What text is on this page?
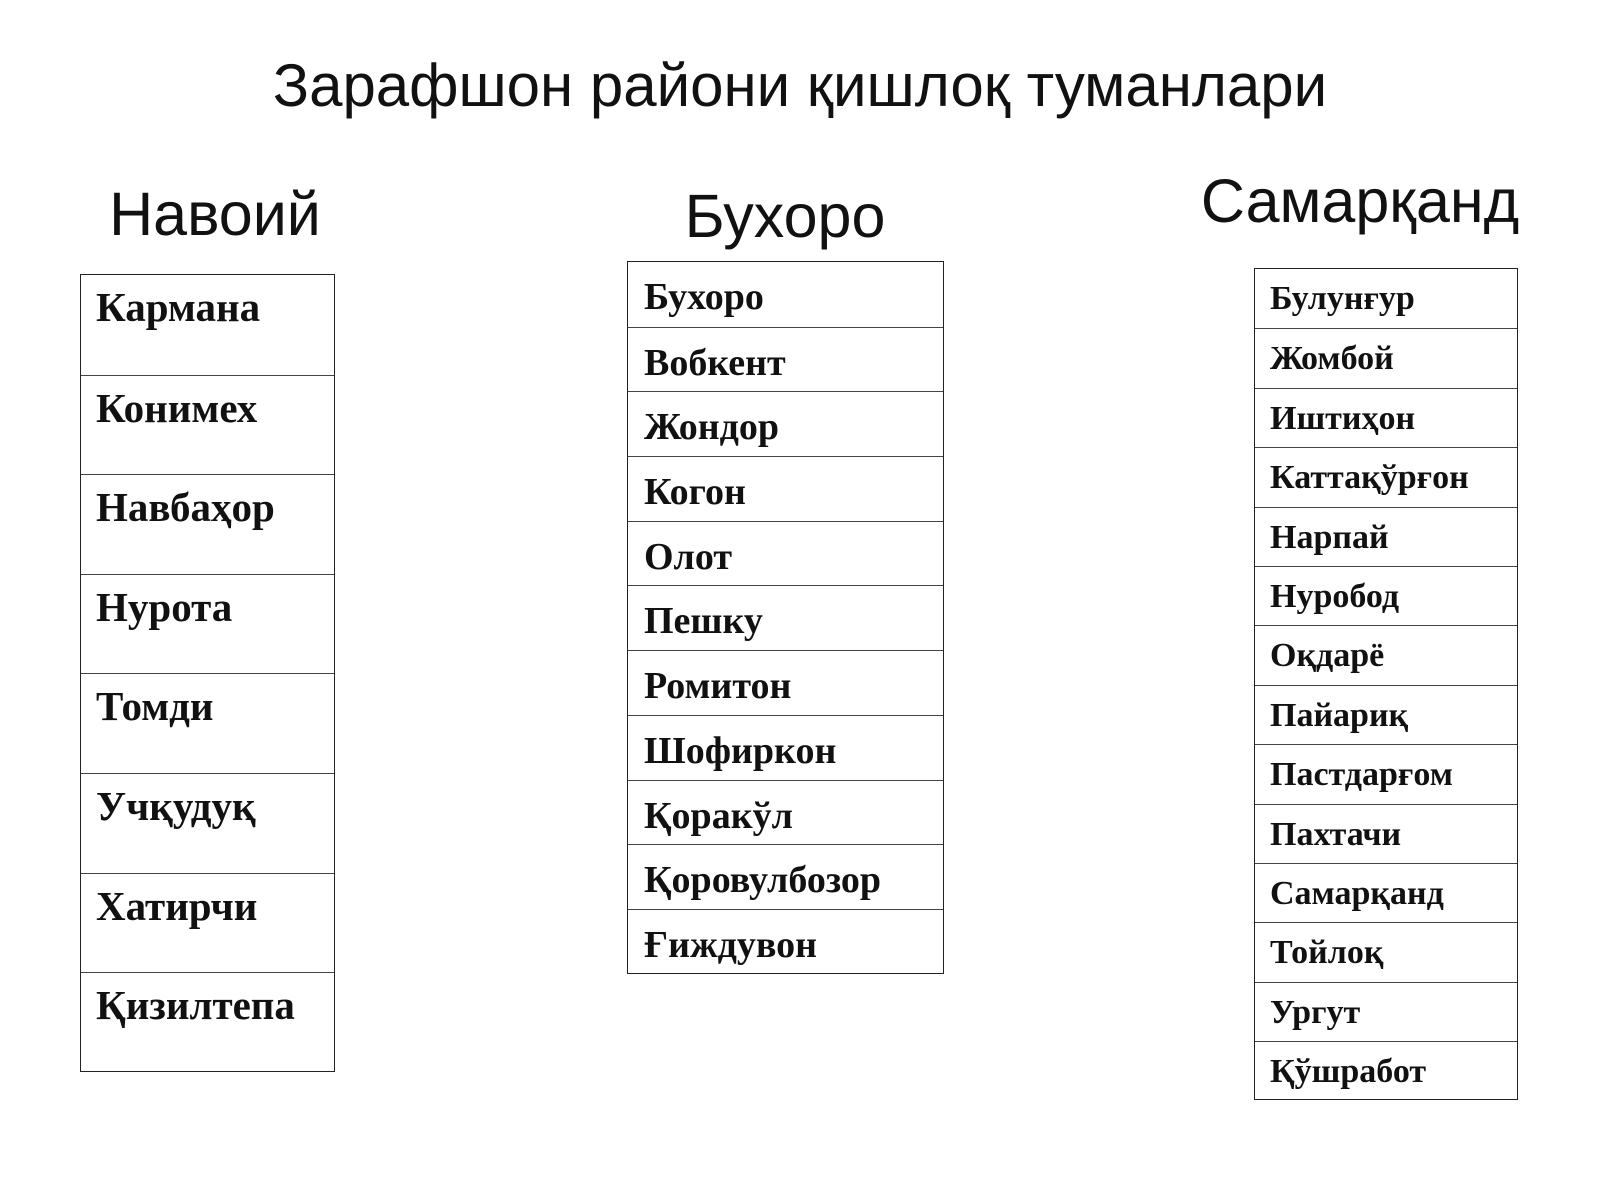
Зарафшон райони қишлоқ туманлари
Навоий
Кармана
Конимех
Навбаҳор
Нурота
Томди
Учқудуқ
Хатирчи
Қизилтепа
Бухоро
Бухоро
Вобкент
Жондор
Когон
Олот
Пешку
Ромитон
Шофиркон
Қоракўл
Қоровулбозор
Ғиждувон
Самарқанд
Булунғур
Жомбой
Иштиҳон
Каттақўрғон
Нарпай
Нуробод
Оқдарё
Пайариқ
Пастдарғом
Пахтачи
Самарқанд
Тойлоқ
Ургут
Қўшработ
